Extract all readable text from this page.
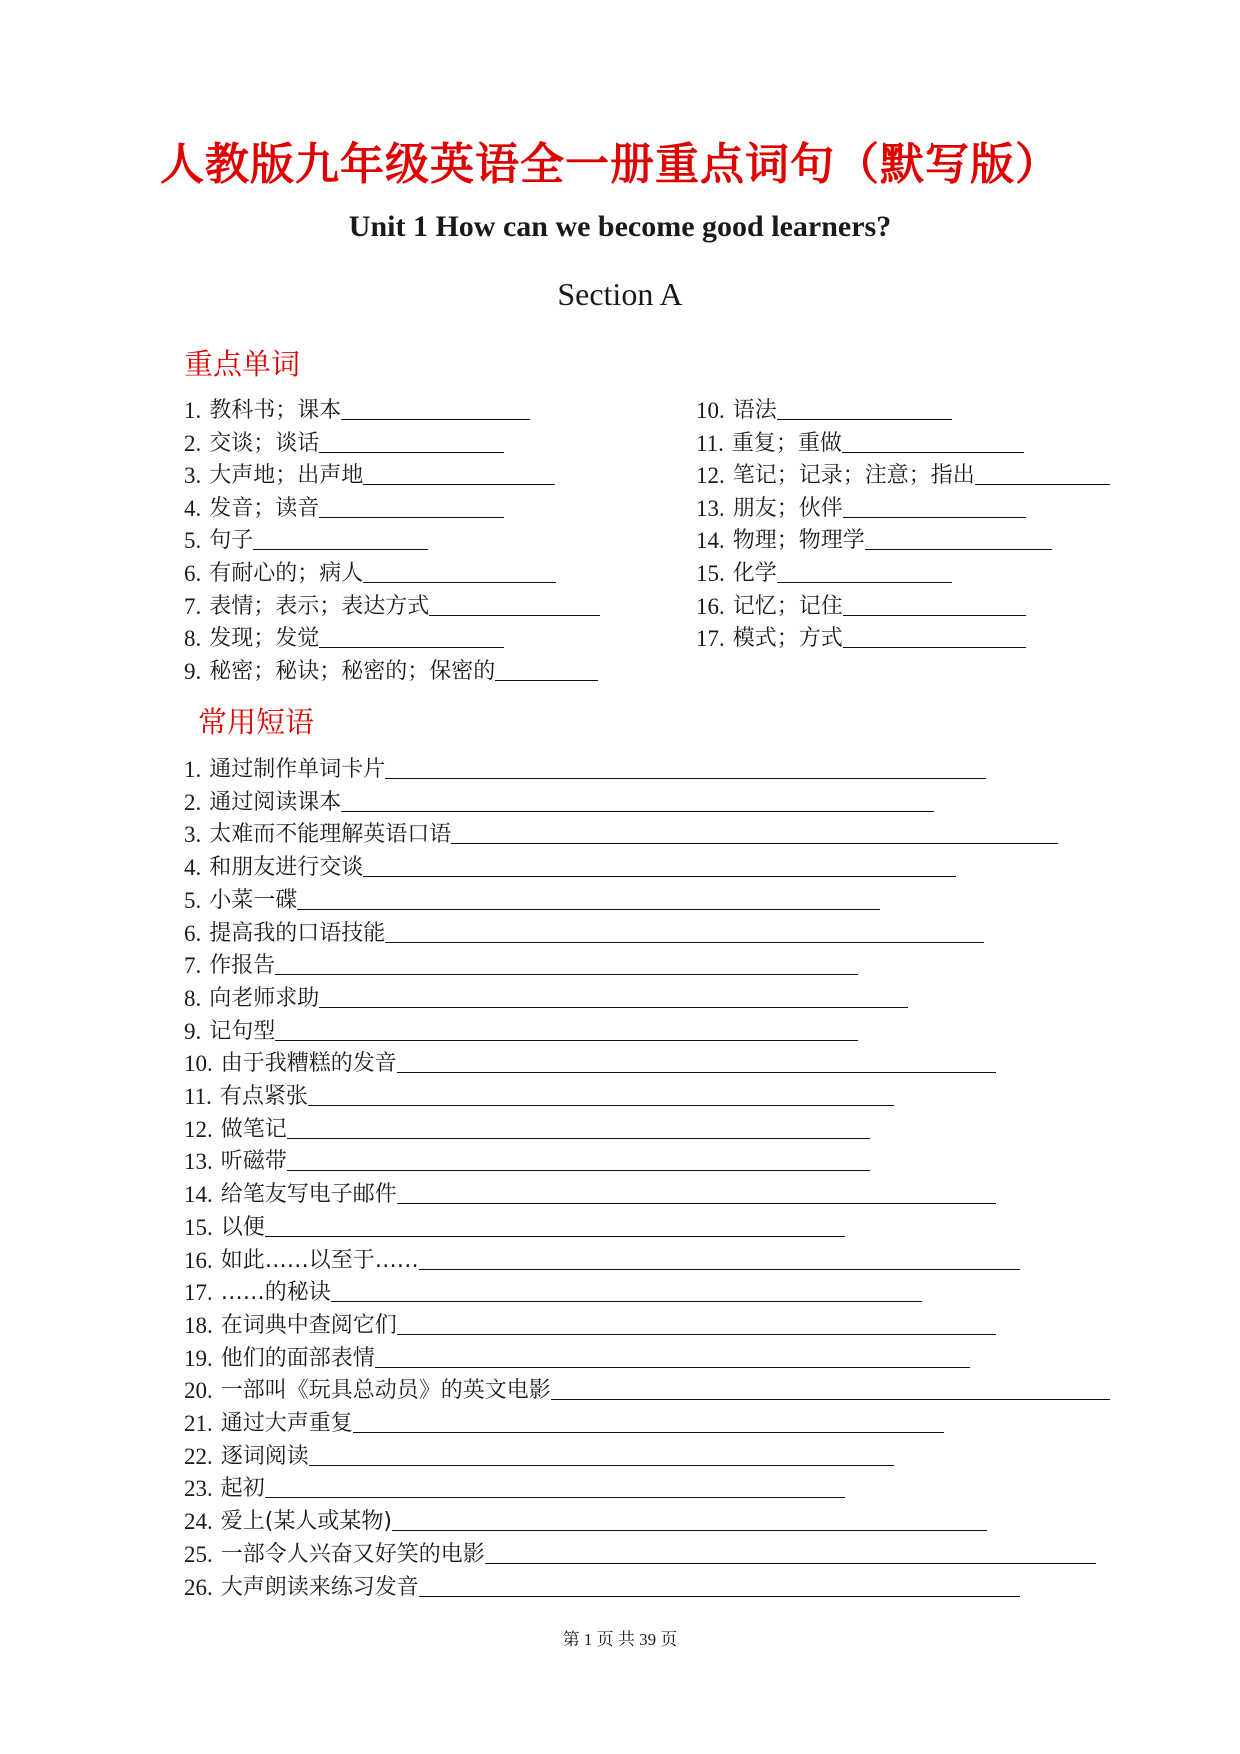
人教版九年级英语全一册重点词句（默写版）
Unit 1 How can we become good learners?
Section A
重点单词
常用短语
1. 教科书；课本
2. 交谈；谈话
3. 大声地；出声地
4. 发音；读音
5. 句子
6. 有耐心的；病人
7. 表情；表示；表达方式
8. 发现；发觉
9. 秘密；秘诀；秘密的；保密的
10. 语法
11. 重复；重做
12. 笔记；记录；注意；指出
13. 朋友；伙伴
14. 物理；物理学
15. 化学
16. 记忆；记住
17. 模式；方式
1. 通过制作单词卡片
2. 通过阅读课本
3. 太难而不能理解英语口语
4. 和朋友进行交谈
5. 小菜一碟
6. 提高我的口语技能
7. 作报告
8. 向老师求助
9. 记句型
10. 由于我糟糕的发音
11. 有点紧张
12. 做笔记
13. 听磁带
14. 给笔友写电子邮件
15. 以便
16. 如此……以至于……
17. ……的秘诀
18. 在词典中查阅它们
19. 他们的面部表情
20. 一部叫《玩具总动员》的英文电影
21. 通过大声重复
22. 逐词阅读
23. 起初
24. 爱上(某人或某物)
25. 一部令人兴奋又好笑的电影
26. 大声朗读来练习发音
第 1 页 共 39 页
